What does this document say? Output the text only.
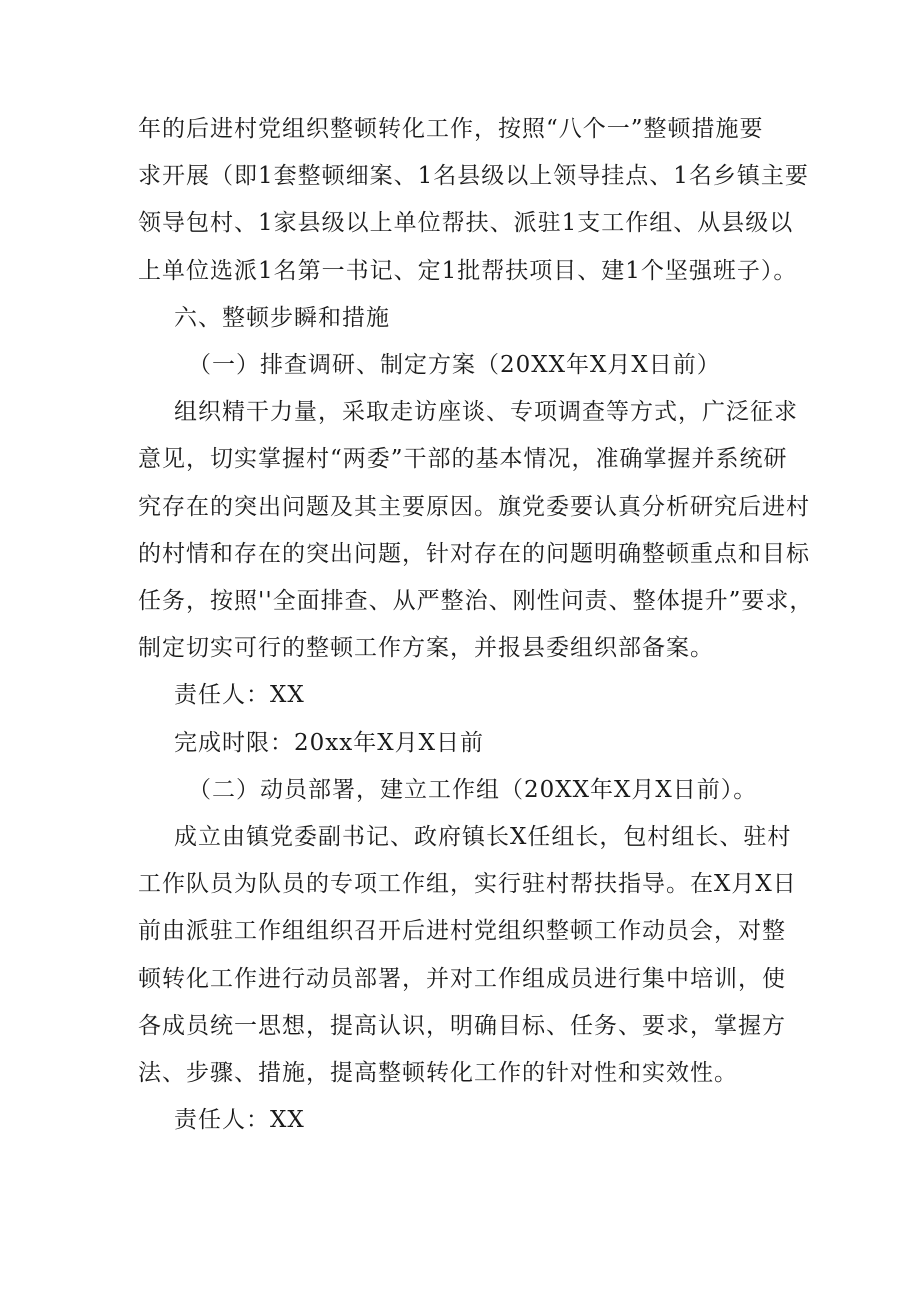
年的后进村党组织整顿转化工作，按照“八个一”整顿措施要
求开展（即1套整顿细案、1名县级以上领导挂点、1名乡镇主要
领导包村、1家县级以上单位帮扶、派驻1支工作组、从县级以
上单位选派1名第一书记、定1批帮扶项目、建1个坚强班子）。
六、整顿步瞬和措施
（一）排查调研、制定方案（20XX年X月X日前）
组织精干力量，采取走访座谈、专项调查等方式，广泛征求
意见，切实掌握村“两委”干部的基本情况，准确掌握并系统研
究存在的突出问题及其主要原因。旗党委要认真分析研究后进村
的村情和存在的突出问题，针对存在的问题明确整顿重点和目标
任务，按照''全面排查、从严整治、刚性问责、整体提升”要求，
制定切实可行的整顿工作方案，并报县委组织部备案。
责任人：XX
完成时限：20xx年X月X日前
（二）动员部署，建立工作组（20XX年X月X日前）。
成立由镇党委副书记、政府镇长X任组长，包村组长、驻村
工作队员为队员的专项工作组，实行驻村帮扶指导。在X月X日
前由派驻工作组组织召开后进村党组织整顿工作动员会，对整
顿转化工作进行动员部署，并对工作组成员进行集中培训，使
各成员统一思想，提高认识，明确目标、任务、要求，掌握方
法、步骤、措施，提高整顿转化工作的针对性和实效性。
责任人：XX
